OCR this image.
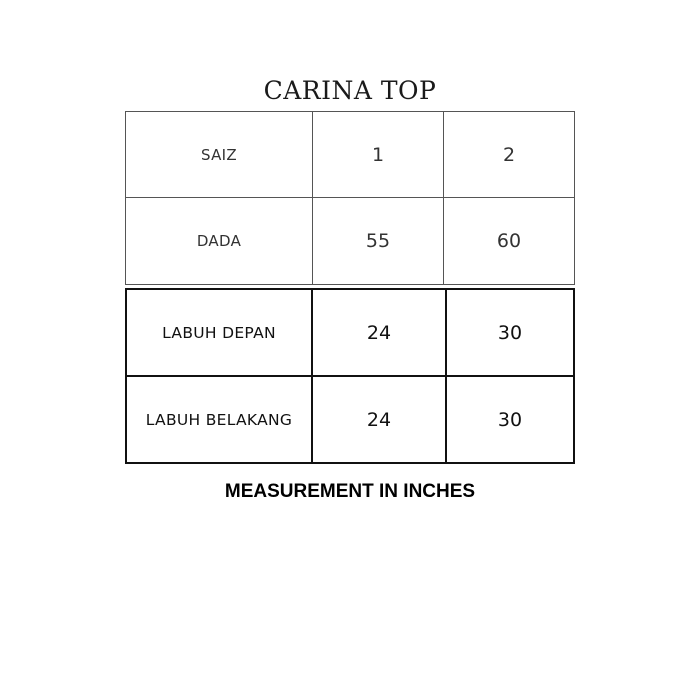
CARINA TOP
SAIZ	1	2
DADA	55	60
LABUH DEPAN	24	30
LABUH BELAKANG	24	30
MEASUREMENT IN INCHES
